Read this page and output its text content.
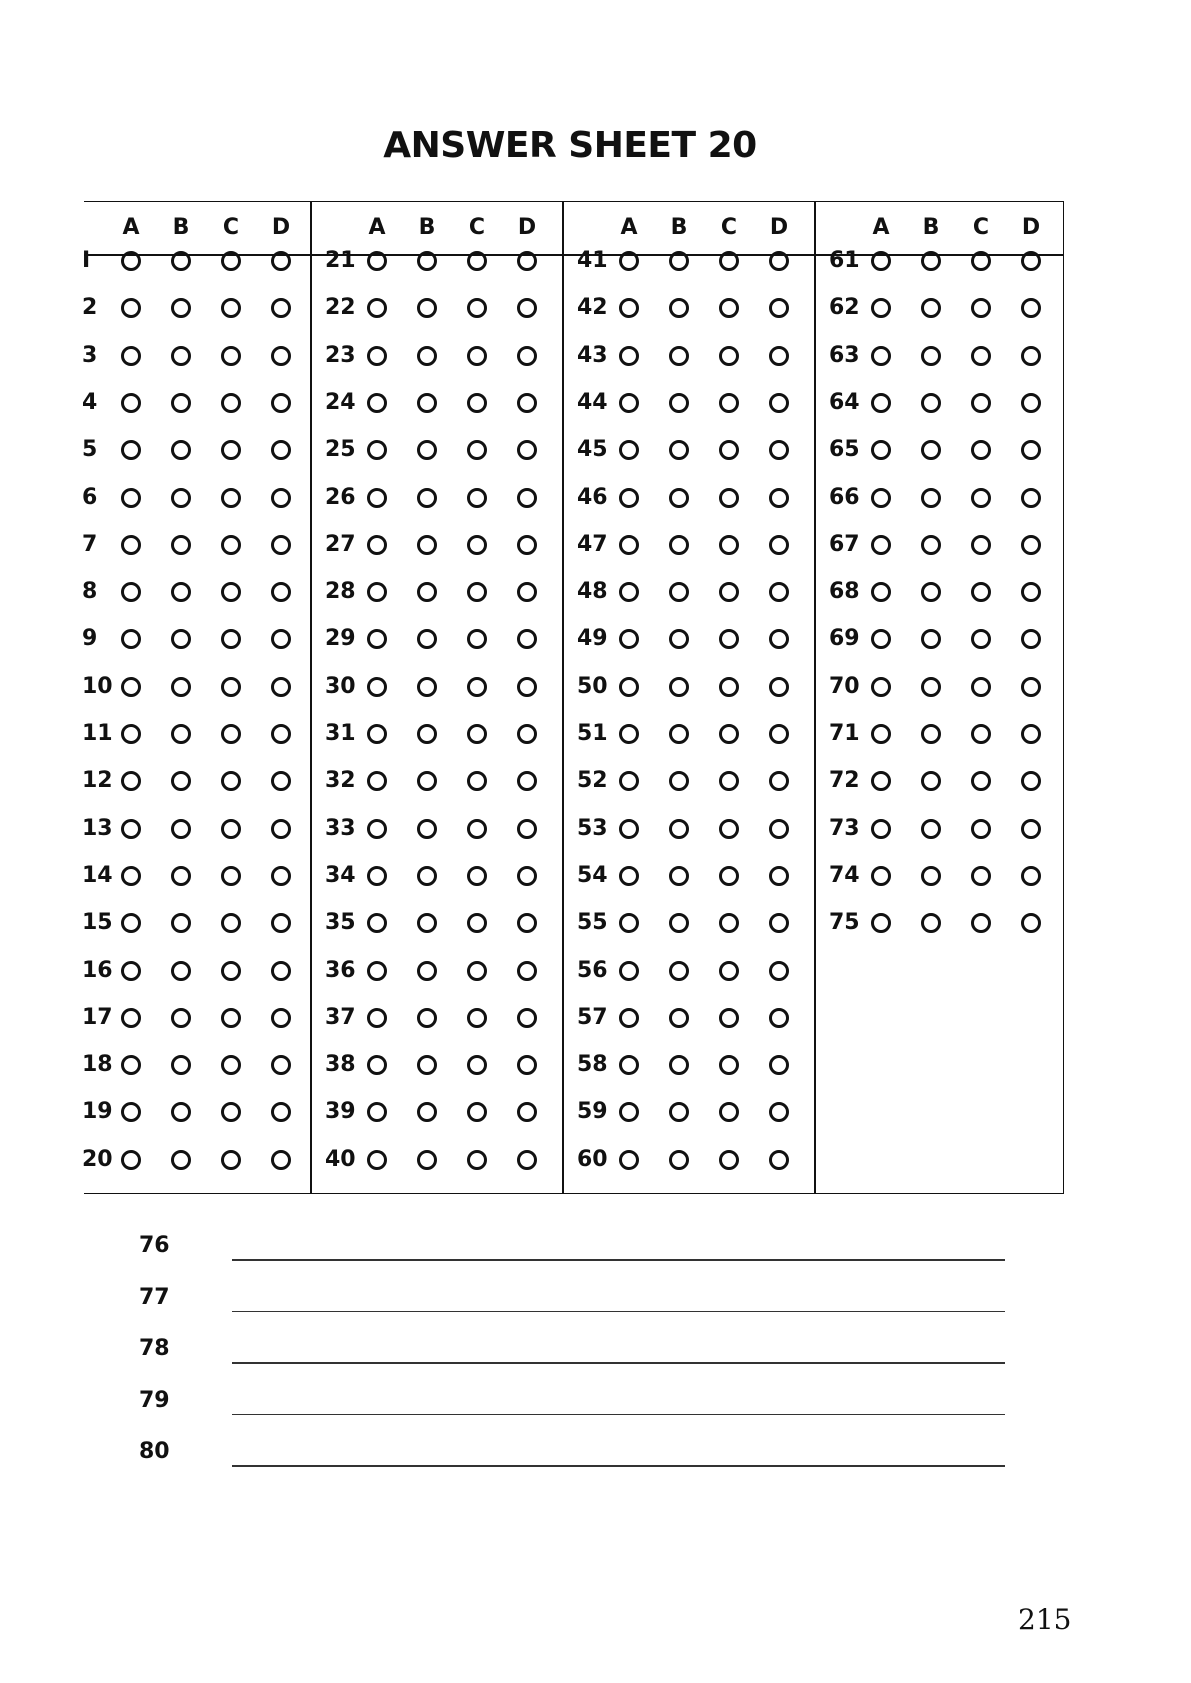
ANSWER SHEET 20
A B C D
I
2
3
4
5
6
7
8
9
10
11
12
13
14
15
16
17
18
19
20
A B C D
21
22
23
24
25
26
27
28
29
30
31
32
33
34
35
36
37
38
39
40
A B C D
41
42
43
44
45
46
47
48
49
50
51
52
53
54
55
56
57
58
59
60
A B C D
61
62
63
64
65
66
67
68
69
70
71
72
73
74
75
76
77
78
79
80
215
